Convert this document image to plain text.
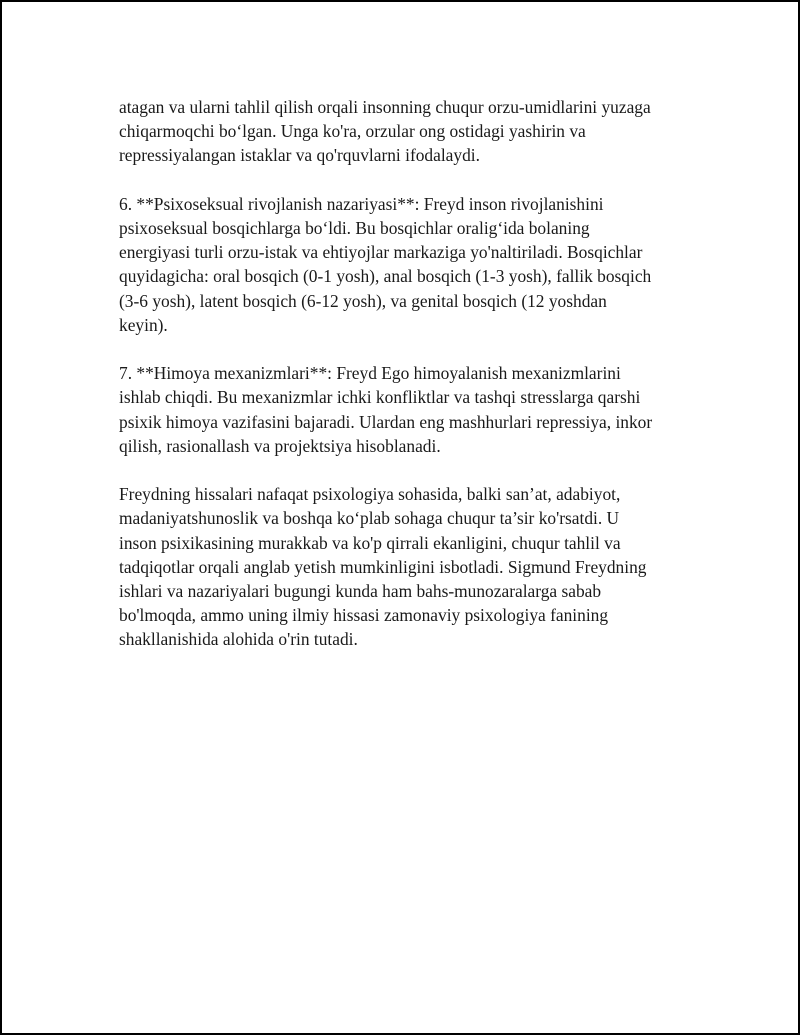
atagan va ularni tahlil qilish orqali insonning chuqur orzu-umidlarini yuzaga
chiqarmoqchi bo‘lgan. Unga ko'ra, orzular ong ostidagi yashirin va
repressiyalangan istaklar va qo'rquvlarni ifodalaydi.

6. **Psixoseksual rivojlanish nazariyasi**: Freyd inson rivojlanishini
psixoseksual bosqichlarga bo‘ldi. Bu bosqichlar oralig‘ida bolaning
energiyasi turli orzu-istak va ehtiyojlar markaziga yo'naltiriladi. Bosqichlar
quyidagicha: oral bosqich (0-1 yosh), anal bosqich (1-3 yosh), fallik bosqich
(3-6 yosh), latent bosqich (6-12 yosh), va genital bosqich (12 yoshdan
keyin).

7. **Himoya mexanizmlari**: Freyd Ego himoyalanish mexanizmlarini
ishlab chiqdi. Bu mexanizmlar ichki konfliktlar va tashqi stresslarga qarshi
psixik himoya vazifasini bajaradi. Ulardan eng mashhurlari repressiya, inkor
qilish, rasionallash va projektsiya hisoblanadi.

Freydning hissalari nafaqat psixologiya sohasida, balki san’at, adabiyot,
madaniyatshunoslik va boshqa ko‘plab sohaga chuqur ta’sir ko'rsatdi. U
inson psixikasining murakkab va ko'p qirrali ekanligini, chuqur tahlil va
tadqiqotlar orqali anglab yetish mumkinligini isbotladi. Sigmund Freydning
ishlari va nazariyalari bugungi kunda ham bahs-munozaralarga sabab
bo'lmoqda, ammo uning ilmiy hissasi zamonaviy psixologiya fanining
shakllanishida alohida o'rin tutadi.
